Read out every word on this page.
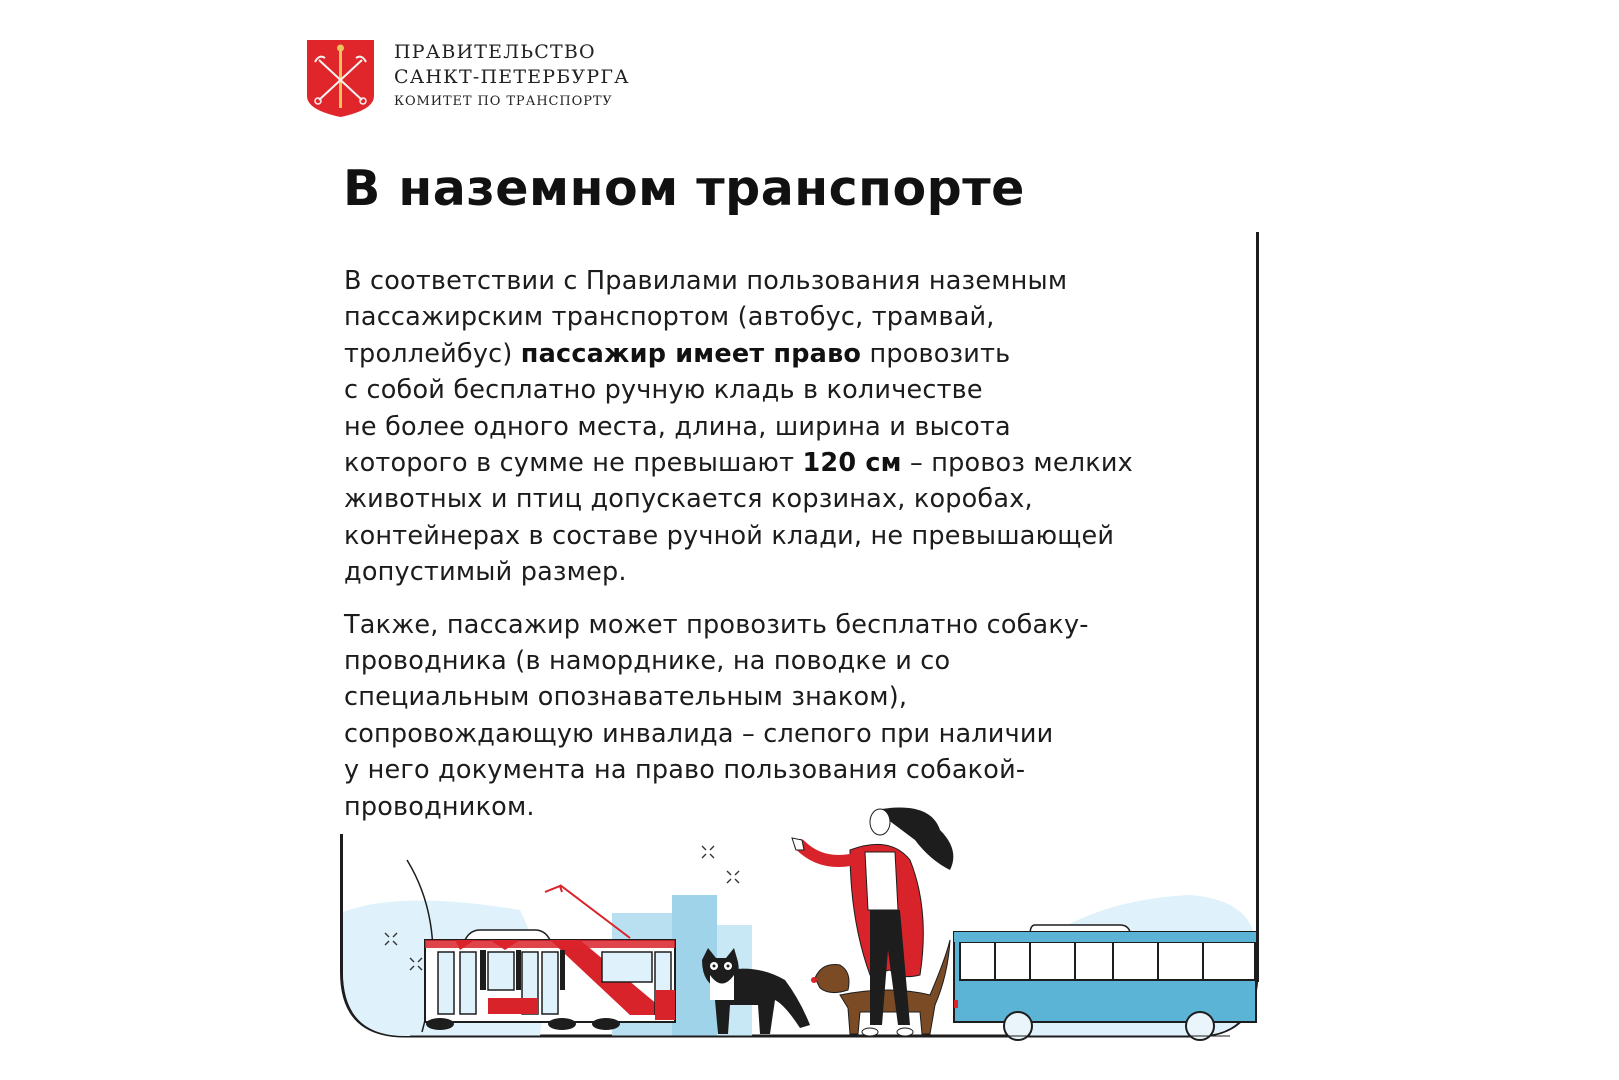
ПРАВИТЕЛЬСТВО
САНКТ-ПЕТЕРБУРГА
КОМИТЕТ ПО ТРАНСПОРТУ
В наземном транспорте
В соответствии с Правилами пользования наземным
пассажирским транспортом (автобус, трамвай,
троллейбус) пассажир имеет право провозить
с собой бесплатно ручную кладь в количестве
не более одного места, длина, ширина и высота
которого в сумме не превышают 120 см – провоз мелких
животных и птиц допускается корзинах, коробах,
контейнерах в составе ручной клади, не превышающей
допустимый размер.
Также, пассажир может провозить бесплатно собаку-
проводника (в наморднике, на поводке и со
специальным опознавательным знаком),
сопровождающую инвалида – слепого при наличии
у него документа на право пользования собакой-
проводником.
